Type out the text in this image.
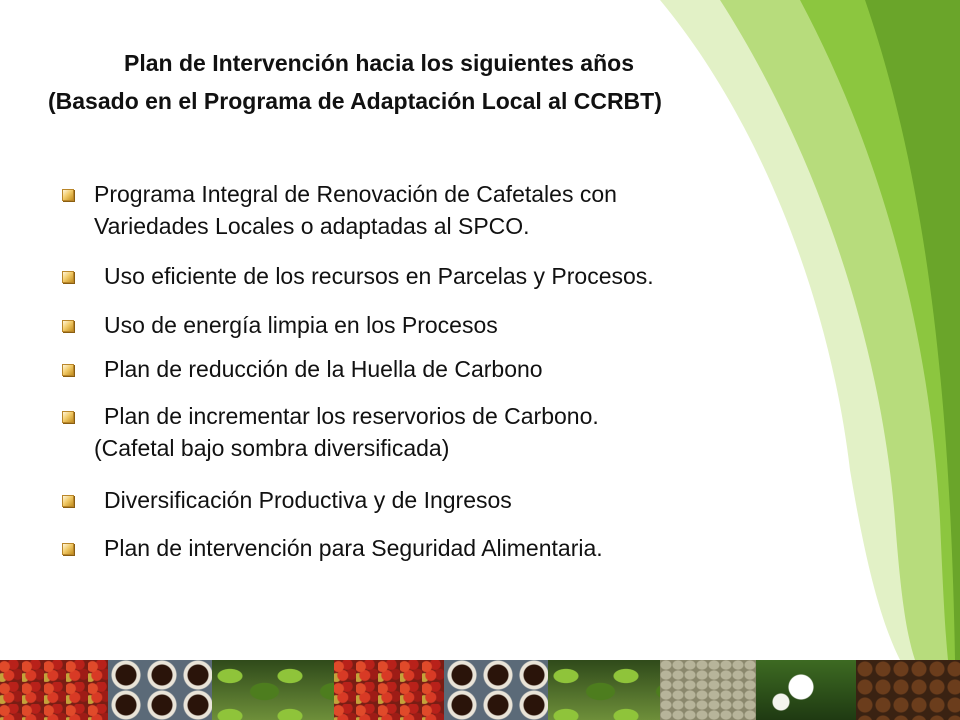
Plan de Intervención hacia los siguientes años
(Basado en el Programa de Adaptación Local al CCRBT)
Programa Integral de Renovación de Cafetales con
Variedades Locales o adaptadas al SPCO.
Uso eficiente de los recursos en Parcelas y Procesos.
Uso de energía limpia en los Procesos
Plan de reducción de la Huella de Carbono
Plan de incrementar los reservorios de Carbono.
(Cafetal bajo sombra diversificada)
Diversificación Productiva y de Ingresos
Plan de intervención para Seguridad Alimentaria.
